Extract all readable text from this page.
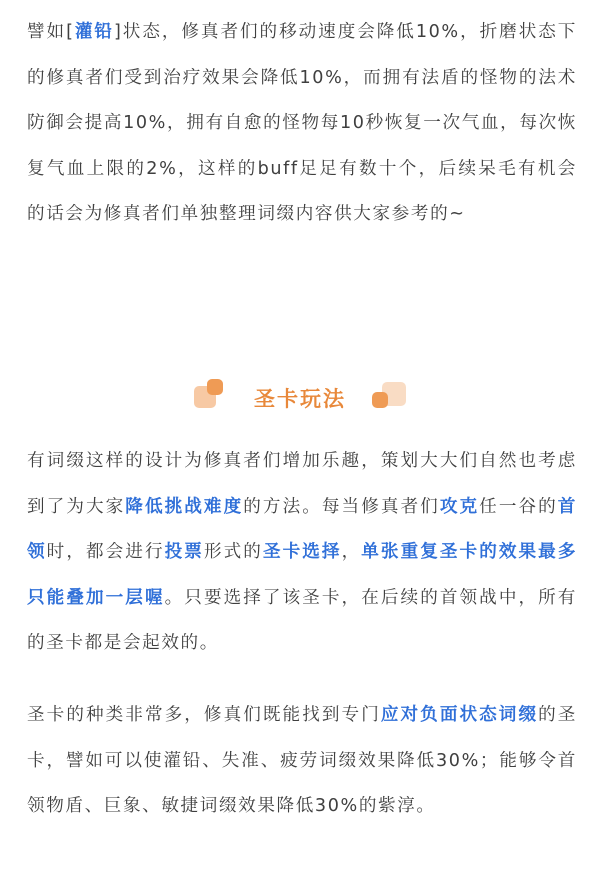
譬如[灌铅]状态，修真者们的移动速度会降低10%，折磨状态下的修真者们受到治疗效果会降低10%，而拥有法盾的怪物的法术防御会提高10%，拥有自愈的怪物每10秒恢复一次气血，每次恢复气血上限的2%，这样的buff足足有数十个，后续呆毛有机会的话会为修真者们单独整理词缀内容供大家参考的~

圣卡玩法

有词缀这样的设计为修真者们增加乐趣，策划大大们自然也考虑到了为大家降低挑战难度的方法。每当修真者们攻克任一谷的首领时，都会进行投票形式的圣卡选择，单张重复圣卡的效果最多只能叠加一层喔。只要选择了该圣卡，在后续的首领战中，所有的圣卡都是会起效的。

圣卡的种类非常多，修真们既能找到专门应对负面状态词缀的圣卡，譬如可以使灌铅、失准、疲劳词缀效果降低30%；能够令首领物盾、巨象、敏捷词缀效果降低30%的紫淳。
